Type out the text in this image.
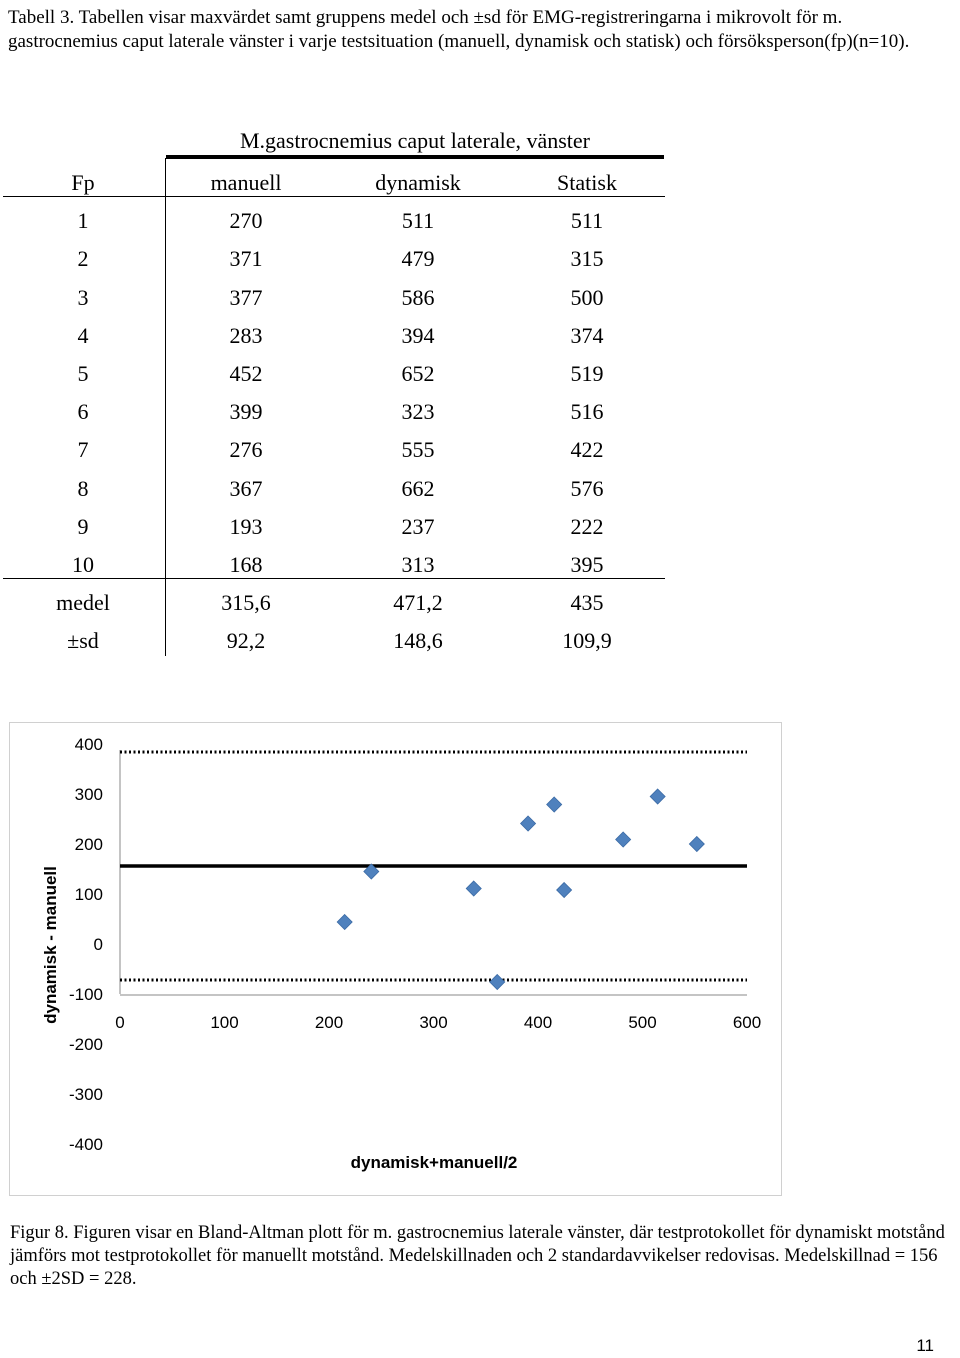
Tabell 3. Tabellen visar maxvärdet samt gruppens medel och ±sd för EMG-registreringarna i mikrovolt för m. gastrocnemius caput laterale vänster i varje testsituation (manuell, dynamisk och statisk) och försöksperson(fp)(n=10).
M.gastrocnemius caput laterale, vänster
Fp	manuell	dynamisk	Statisk
1	270	511	511
2	371	479	315
3	377	586	500
4	283	394	374
5	452	652	519
6	399	323	516
7	276	555	422
8	367	662	576
9	193	237	222
10	168	313	395
medel	315,6	471,2	435
±sd	92,2	148,6	109,9
400
300
200
100
0
-100
-200
-300
-400
0	100	200	300	400	500	600
dynamisk+manuell/2
dynamisk - manuell
Figur 8. Figuren visar en Bland-Altman plott för m. gastrocnemius laterale vänster, där testprotokollet för dynamiskt motstånd jämförs mot testprotokollet för manuellt motstånd. Medelskillnaden och 2 standardavvikelser redovisas. Medelskillnad = 156 och ±2SD = 228.
11
